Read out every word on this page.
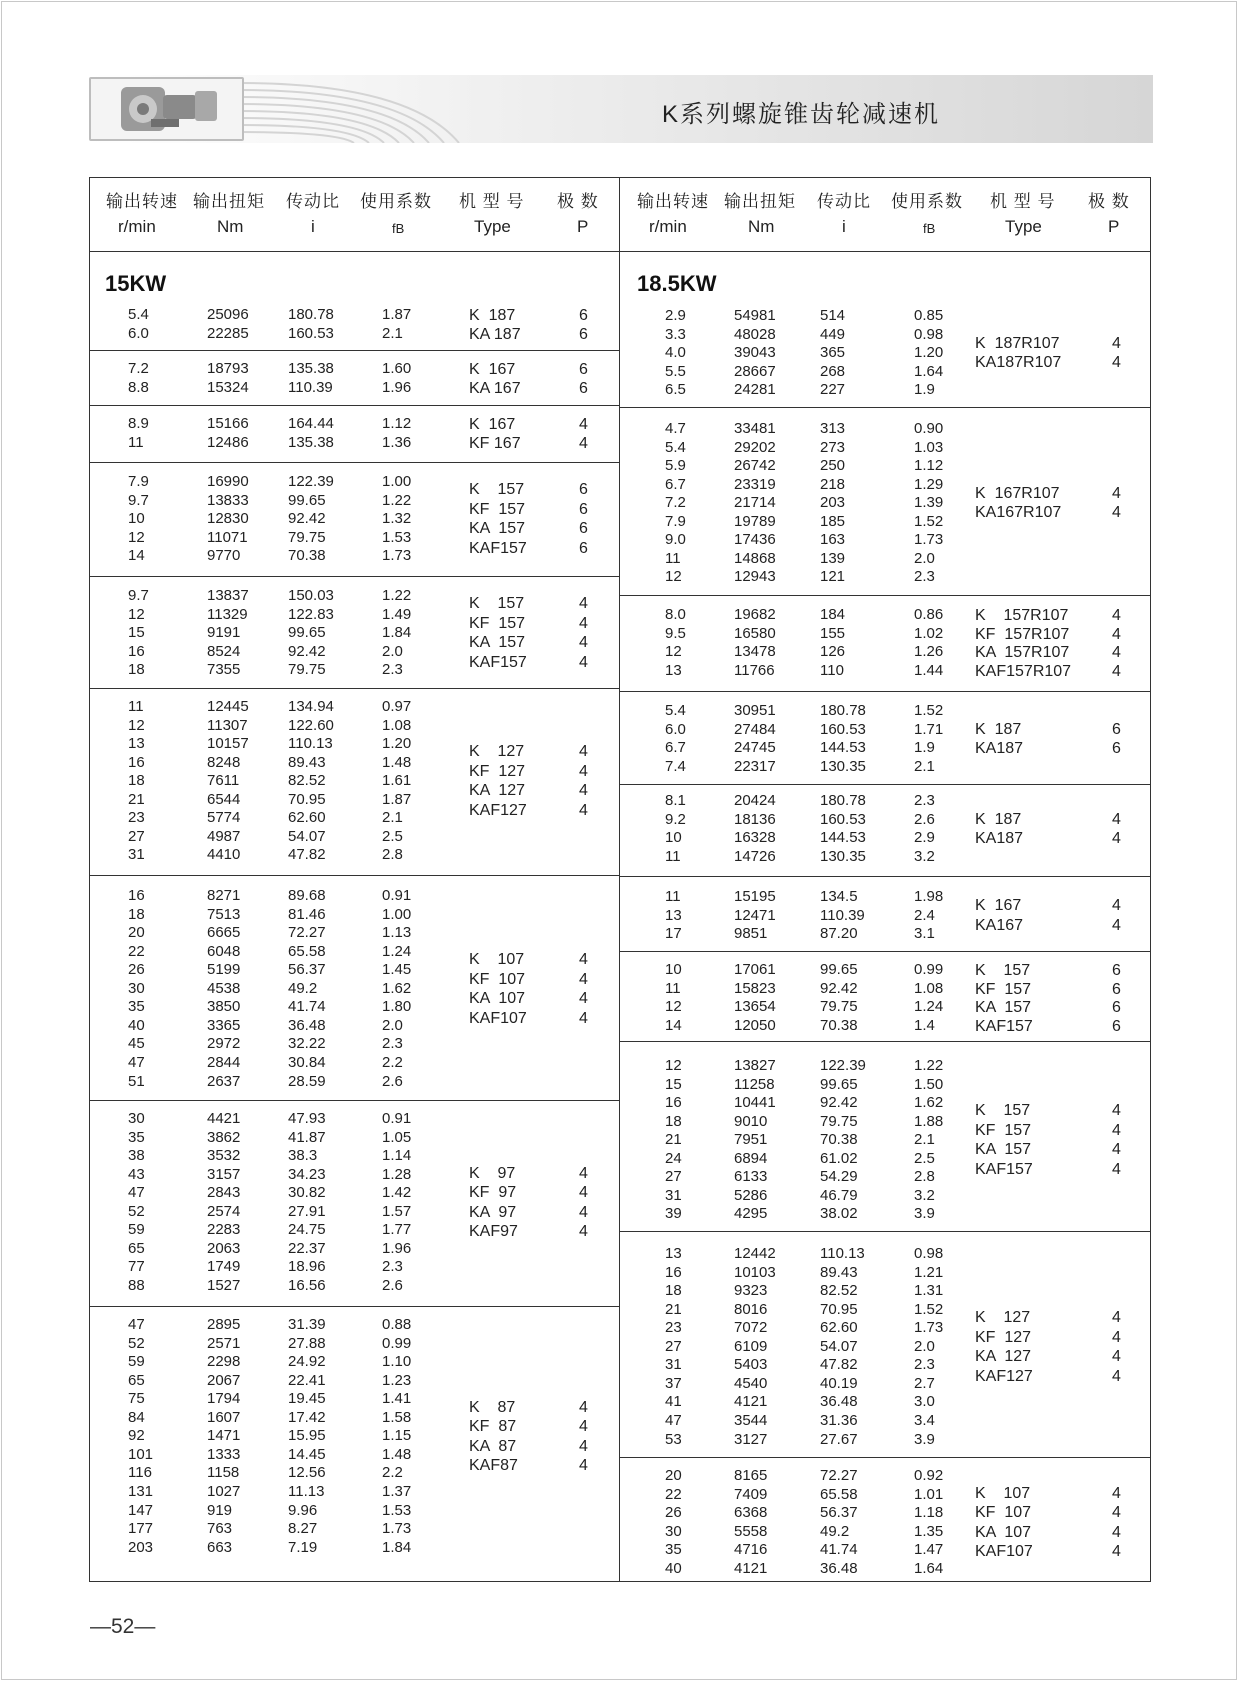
K系列螺旋锥齿轮减速机
输出转速 输出扭矩 传动比 使用系数 机 型 号 极 数
r/min	Nm	i	fB	Type	P
输出转速 输出扭矩 传动比 使用系数 机 型 号 极 数
r/min	Nm	i	fB	Type	P
15KW	18.5KW
5.4	25096	180.78	1.87
6.0	22285	160.53	2.1
K  187	6
KA 187	6
7.2	18793	135.38	1.60
8.8	15324	110.39	1.96
K  167	6
KA 167	6
8.9	15166	164.44	1.12
11	12486	135.38	1.36
K  167	4
KF 167	4
7.9	16990	122.39	1.00
9.7	13833	99.65	1.22
10	12830	92.42	1.32
12	11071	79.75	1.53
14	9770	70.38	1.73
K    157	6
KF  157	6
KA  157	6
KAF157	6
9.7	13837	150.03	1.22
12	11329	122.83	1.49
15	9191	99.65	1.84
16	8524	92.42	2.0
18	7355	79.75	2.3
K    157	4
KF  157	4
KA  157	4
KAF157	4
11	12445	134.94	0.97
12	11307	122.60	1.08
13	10157	110.13	1.20
16	8248	89.43	1.48
18	7611	82.52	1.61
21	6544	70.95	1.87
23	5774	62.60	2.1
27	4987	54.07	2.5
31	4410	47.82	2.8
K    127	4
KF  127	4
KA  127	4
KAF127	4
16	8271	89.68	0.91
18	7513	81.46	1.00
20	6665	72.27	1.13
22	6048	65.58	1.24
26	5199	56.37	1.45
30	4538	49.2	1.62
35	3850	41.74	1.80
40	3365	36.48	2.0
45	2972	32.22	2.3
47	2844	30.84	2.2
51	2637	28.59	2.6
K    107	4
KF  107	4
KA  107	4
KAF107	4
30	4421	47.93	0.91
35	3862	41.87	1.05
38	3532	38.3	1.14
43	3157	34.23	1.28
47	2843	30.82	1.42
52	2574	27.91	1.57
59	2283	24.75	1.77
65	2063	22.37	1.96
77	1749	18.96	2.3
88	1527	16.56	2.6
K    97	4
KF  97	4
KA  97	4
KAF97	4
47	2895	31.39	0.88
52	2571	27.88	0.99
59	2298	24.92	1.10
65	2067	22.41	1.23
75	1794	19.45	1.41
84	1607	17.42	1.58
92	1471	15.95	1.15
101	1333	14.45	1.48
116	1158	12.56	2.2
131	1027	11.13	1.37
147	919	9.96	1.53
177	763	8.27	1.73
203	663	7.19	1.84
K    87	4
KF  87	4
KA  87	4
KAF87	4
2.9	54981	514	0.85
3.3	48028	449	0.98
4.0	39043	365	1.20
5.5	28667	268	1.64
6.5	24281	227	1.9
K  187R107	4
KA187R107	4
4.7	33481	313	0.90
5.4	29202	273	1.03
5.9	26742	250	1.12
6.7	23319	218	1.29
7.2	21714	203	1.39
7.9	19789	185	1.52
9.0	17436	163	1.73
11	14868	139	2.0
12	12943	121	2.3
K  167R107	4
KA167R107	4
8.0	19682	184	0.86
9.5	16580	155	1.02
12	13478	126	1.26
13	11766	110	1.44
K    157R107	4
KF  157R107	4
KA  157R107	4
KAF157R107	4
5.4	30951	180.78	1.52
6.0	27484	160.53	1.71
6.7	24745	144.53	1.9
7.4	22317	130.35	2.1
K  187	6
KA187	6
8.1	20424	180.78	2.3
9.2	18136	160.53	2.6
10	16328	144.53	2.9
11	14726	130.35	3.2
K  187	4
KA187	4
11	15195	134.5	1.98
13	12471	110.39	2.4
17	9851	87.20	3.1
K  167	4
KA167	4
10	17061	99.65	0.99
11	15823	92.42	1.08
12	13654	79.75	1.24
14	12050	70.38	1.4
K    157	6
KF  157	6
KA  157	6
KAF157	6
12	13827	122.39	1.22
15	11258	99.65	1.50
16	10441	92.42	1.62
18	9010	79.75	1.88
21	7951	70.38	2.1
24	6894	61.02	2.5
27	6133	54.29	2.8
31	5286	46.79	3.2
39	4295	38.02	3.9
K    157	4
KF  157	4
KA  157	4
KAF157	4
13	12442	110.13	0.98
16	10103	89.43	1.21
18	9323	82.52	1.31
21	8016	70.95	1.52
23	7072	62.60	1.73
27	6109	54.07	2.0
31	5403	47.82	2.3
37	4540	40.19	2.7
41	4121	36.48	3.0
47	3544	31.36	3.4
53	3127	27.67	3.9
K    127	4
KF  127	4
KA  127	4
KAF127	4
20	8165	72.27	0.92
22	7409	65.58	1.01
26	6368	56.37	1.18
30	5558	49.2	1.35
35	4716	41.74	1.47
40	4121	36.48	1.64
K    107	4
KF  107	4
KA  107	4
KAF107	4
—52—
